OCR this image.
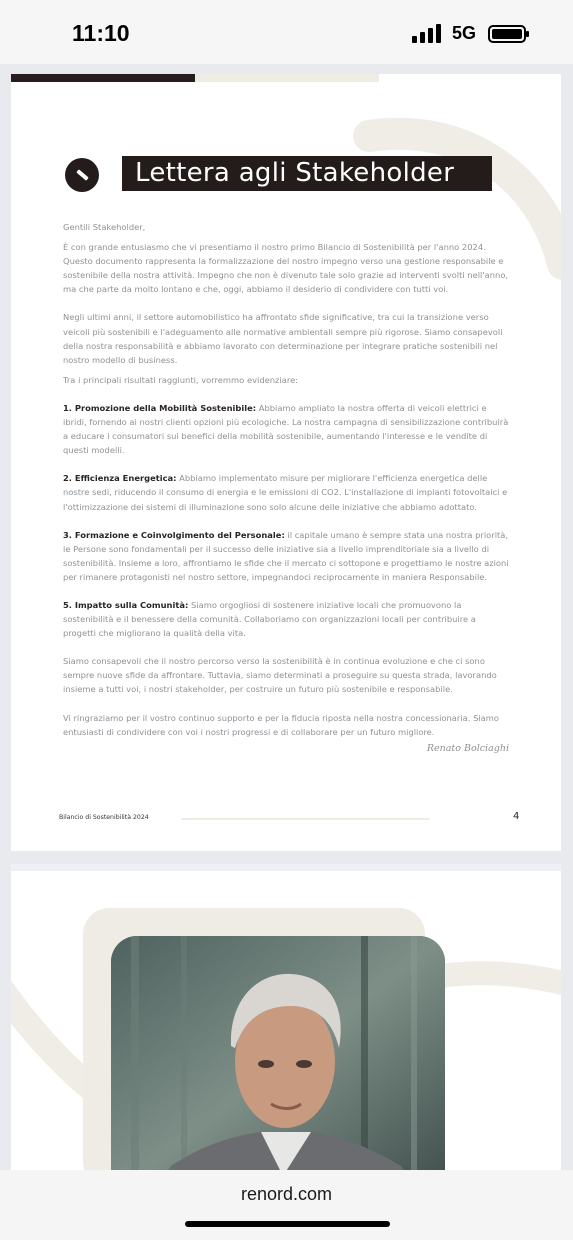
11:10	5G
Lettera agli Stakeholder

Gentili Stakeholder,

È con grande entusiasmo che vi presentiamo il nostro primo Bilancio di Sostenibilità per l'anno 2024. Questo documento rappresenta la formalizzazione del nostro impegno verso una gestione responsabile e sostenibile della nostra attività. Impegno che non è divenuto tale solo grazie ad interventi svolti nell'anno, ma che parte da molto lontano e che, oggi, abbiamo il desiderio di condividere con tutti voi.

Negli ultimi anni, il settore automobilistico ha affrontato sfide significative, tra cui la transizione verso veicoli più sostenibili e l'adeguamento alle normative ambientali sempre più rigorose. Siamo consapevoli della nostra responsabilità e abbiamo lavorato con determinazione per integrare pratiche sostenibili nel nostro modello di business.

Tra i principali risultati raggiunti, vorremmo evidenziare:

1. Promozione della Mobilità Sostenibile: Abbiamo ampliato la nostra offerta di veicoli elettrici e ibridi, fornendo ai nostri clienti opzioni più ecologiche. La nostra campagna di sensibilizzazione contribuirà a educare i consumatori sui benefici della mobilità sostenibile, aumentando l'interesse e le vendite di questi modelli.

2. Efficienza Energetica: Abbiamo implementato misure per migliorare l'efficienza energetica delle nostre sedi, riducendo il consumo di energia e le emissioni di CO2. L'installazione di impianti fotovoltaici e l'ottimizzazione dei sistemi di illuminazione sono solo alcune delle iniziative che abbiamo adottato.

3. Formazione e Coinvolgimento del Personale: il capitale umano è sempre stata una nostra priorità, le Persone sono fondamentali per il successo delle iniziative sia a livello imprenditoriale sia a livello di sostenibilità. Insieme a loro, affrontiamo le sfide che il mercato ci sottopone e progettiamo le nostre azioni per rimanere protagonisti nel nostro settore, impegnandoci reciprocamente in maniera Responsabile.

5. Impatto sulla Comunità: Siamo orgogliosi di sostenere iniziative locali che promuovono la sostenibilità e il benessere della comunità. Collaboriamo con organizzazioni locali per contribuire a progetti che migliorano la qualità della vita.

Siamo consapevoli che il nostro percorso verso la sostenibilità è in continua evoluzione e che ci sono sempre nuove sfide da affrontare. Tuttavia, siamo determinati a proseguire su questa strada, lavorando insieme a tutti voi, i nostri stakeholder, per costruire un futuro più sostenibile e responsabile.

Vi ringraziamo per il vostro continuo supporto e per la fiducia riposta nella nostra concessionaria. Siamo entusiasti di condividere con voi i nostri progressi e di collaborare per un futuro migliore.

Renato Bolciaghi
Bilancio di Sostenibilità 2024	4
renord.com
